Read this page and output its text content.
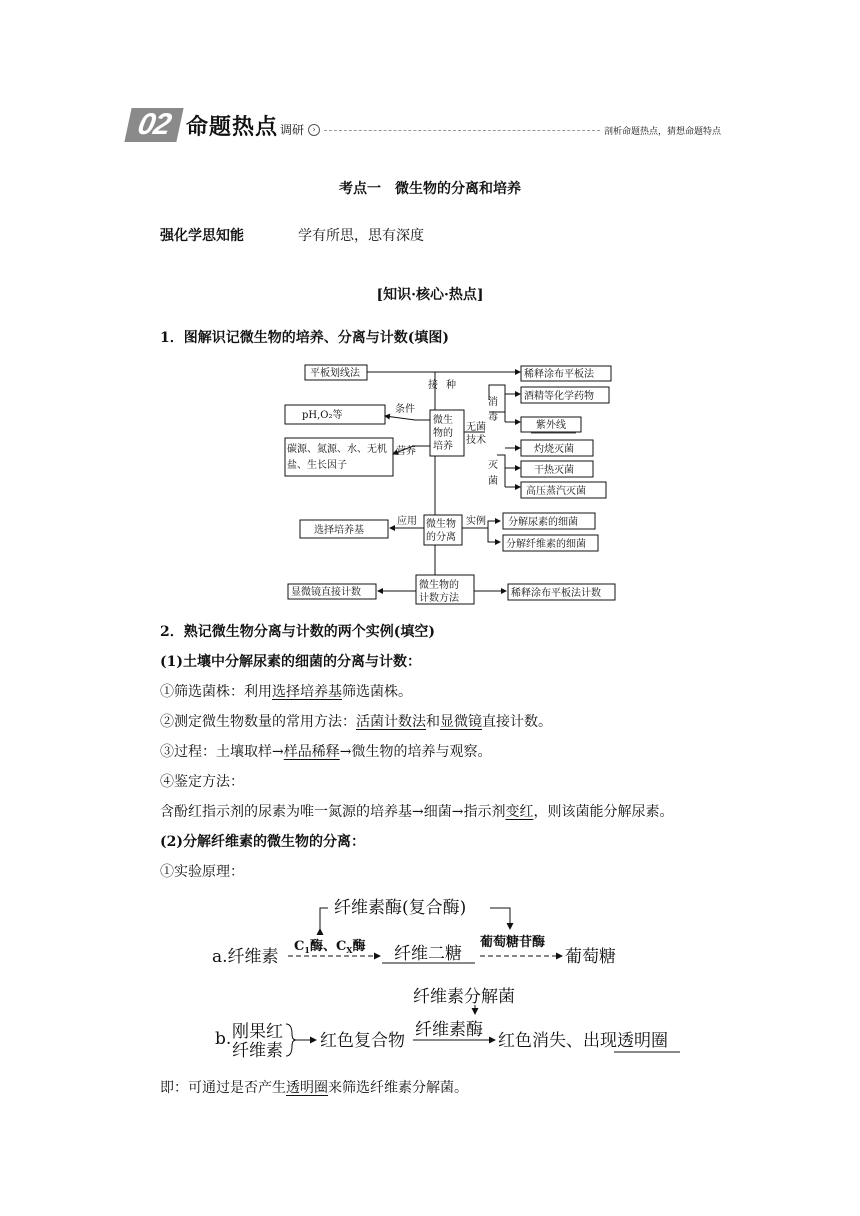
02 命题热点 调研	›	剖析命题热点，猜想命题特点
考点一　微生物的分离和培养
强化学思知能	学有所思，思有深度
[知识·核心·热点]
1．图解识记微生物的培养、分离与计数(填图)
平板划线法	稀释涂布平板法
接 种
微生
物的
培养
条件
pH,O₂等
营养
碳源、氮源、水、无机
盐、生长因子
无菌
技术
消
毒
酒精等化学药物
紫外线
灭
菌
灼烧灭菌
干热灭菌
高压蒸汽灭菌
微生物
的分离
应用
选择培养基
实例 分解尿素的细菌
分解纤维素的细菌
微生物的
计数方法
显微镜直接计数	稀释涂布平板法计数
2．熟记微生物分离与计数的两个实例(填空)
(1)土壤中分解尿素的细菌的分离与计数：
①筛选菌株：利用选择培养基筛选菌株。
②测定微生物数量的常用方法：活菌计数法和显微镜直接计数。
③过程：土壤取样→样品稀释→微生物的培养与观察。
④鉴定方法：
含酚红指示剂的尿素为唯一氮源的培养基→细菌→指示剂变红，则该菌能分解尿素。
(2)分解纤维素的微生物的分离：
①实验原理：
纤维素酶(复合酶)
a.纤维素
$C_1$酶、$C_X$酶 纤维二糖
葡萄糖苷酶
葡萄糖
纤维素分解菌
b. 刚果红
纤维素 红色复合物
纤维素酶
红色消失、出现 透明圈
即：可通过是否产生透明圈来筛选纤维素分解菌。
